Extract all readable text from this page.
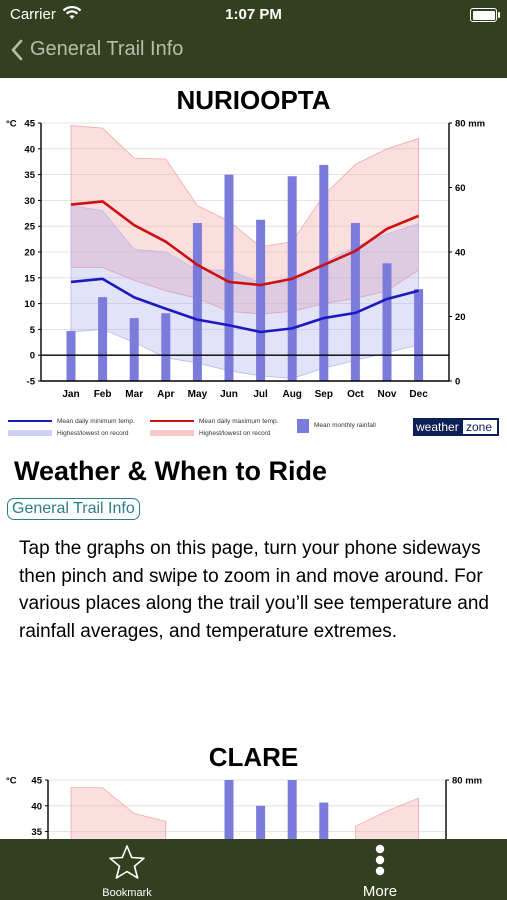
Carrier	1:07 PM
General Trail Info
NURIOOPTA
45
40
35
30
25
20
15
10
5
0
-5
°C	80 mm
60
40
20
0
Jan Feb Mar Apr May Jun Jul Aug Sep Oct Nov Dec
Mean daily minimum temp.
Highest/lowest on record
Mean daily maximum temp.
Highest/lowest on record
Mean monthly rainfall	weather zone
Weather & When to Ride
General Trail Info
Tap the graphs on this page, turn your phone sideways then pinch and swipe to zoom in and move around. For various places along the trail you’ll see temperature and rainfall averages, and temperature extremes.
CLARE
45
40
35
°C	80 mm
Bookmark	More
